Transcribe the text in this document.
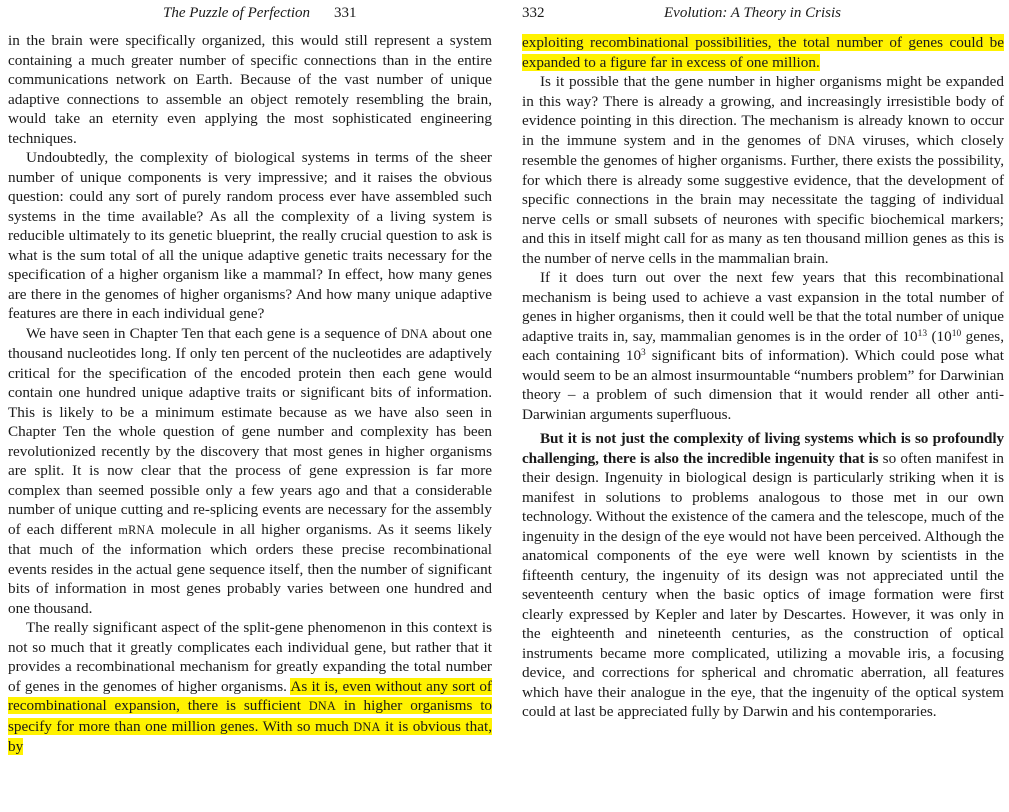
The Puzzle of Perfection 331

in the brain were specifically organized, this would still represent a system containing a much greater number of specific connections than in the entire communications network on Earth. Because of the vast number of unique adaptive connections to assemble an object remotely resembling the brain, would take an eternity even applying the most sophisticated engineering techniques.

Undoubtedly, the complexity of biological systems in terms of the sheer number of unique components is very impressive; and it raises the obvious question: could any sort of purely random process ever have assembled such systems in the time available? As all the complexity of a living system is reducible ultimately to its genetic blueprint, the really crucial question to ask is what is the sum total of all the unique adaptive genetic traits necessary for the specification of a higher organism like a mammal? In effect, how many genes are there in the genomes of higher organisms? And how many unique adaptive features are there in each individual gene?

We have seen in Chapter Ten that each gene is a sequence of DNA about one thousand nucleotides long. If only ten percent of the nucleotides are adaptively critical for the specification of the encoded protein then each gene would contain one hundred unique adaptive traits or significant bits of information. This is likely to be a minimum estimate because as we have also seen in Chapter Ten the whole question of gene number and complexity has been revolutionized recently by the discovery that most genes in higher organisms are split. It is now clear that the process of gene expression is far more complex than seemed possible only a few years ago and that a considerable number of unique cutting and re-splicing events are necessary for the assembly of each different mRNA molecule in all higher organisms. As it seems likely that much of the information which orders these precise recombinational events resides in the actual gene sequence itself, then the number of significant bits of information in most genes probably varies between one hundred and one thousand.

The really significant aspect of the split-gene phenomenon in this context is not so much that it greatly complicates each individual gene, but rather that it provides a recombinational mechanism for greatly expanding the total number of genes in the genomes of higher organisms. As it is, even without any sort of recombinational expansion, there is sufficient DNA in higher organisms to specify for more than one million genes. With so much DNA it is obvious that, by

332	Evolution: A Theory in Crisis

exploiting recombinational possibilities, the total number of genes could be expanded to a figure far in excess of one million.

Is it possible that the gene number in higher organisms might be expanded in this way? There is already a growing, and increasingly irresistible body of evidence pointing in this direction. The mechanism is already known to occur in the immune system and in the genomes of DNA viruses, which closely resemble the genomes of higher organisms. Further, there exists the possibility, for which there is already some suggestive evidence, that the development of specific connections in the brain may necessitate the tagging of individual nerve cells or small subsets of neurones with specific biochemical markers; and this in itself might call for as many as ten thousand million genes as this is the number of nerve cells in the mammalian brain.

If it does turn out over the next few years that this recombinational mechanism is being used to achieve a vast expansion in the total number of genes in higher organisms, then it could well be that the total number of unique adaptive traits in, say, mammalian genomes is in the order of $10^{13}$ ($10^{10}$ genes, each containing $10^3$ significant bits of information). Which could pose what would seem to be an almost insurmountable “numbers problem” for Darwinian theory – a problem of such dimension that it would render all other anti-Darwinian arguments superfluous.

But it is not just the complexity of living systems which is so profoundly challenging, there is also the incredible ingenuity that is so often manifest in their design. Ingenuity in biological design is particularly striking when it is manifest in solutions to problems analogous to those met in our own technology. Without the existence of the camera and the telescope, much of the ingenuity in the design of the eye would not have been perceived. Although the anatomical components of the eye were well known by scientists in the fifteenth century, the ingenuity of its design was not appreciated until the seventeenth century when the basic optics of image formation were first clearly expressed by Kepler and later by Descartes. However, it was only in the eighteenth and nineteenth centuries, as the construction of optical instruments became more complicated, utilizing a movable iris, a focusing device, and corrections for spherical and chromatic aberration, all features which have their analogue in the eye, that the ingenuity of the optical system could at last be appreciated fully by Darwin and his contemporaries.
